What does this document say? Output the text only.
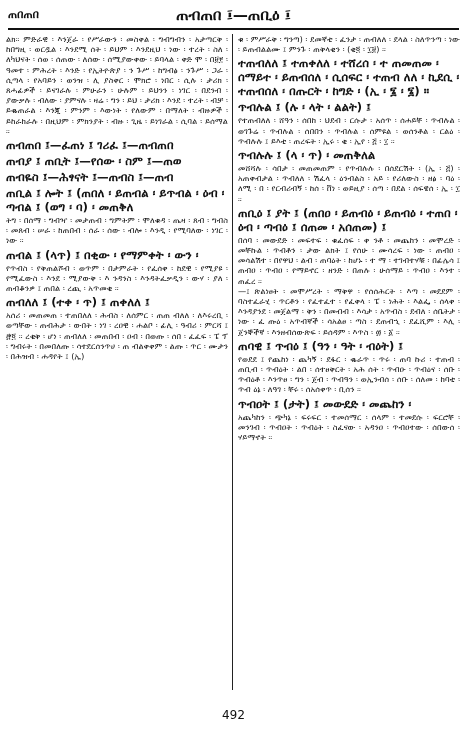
ጠበጠበ	ጠብጠበ ፤—ጠቢዕ ፤

ልክ። ምድራዊ ፡ እንጀራ ፡ የሥራውን ፡ መስቀል ፡ ግብግብን ፡ አታጣርቅ ፡ ከበግዚ ፡ ወርዷል ፡ እንደሚ ሰት ፡ ይህም ፡ እንደዚህ ፡ ነው ፡ ተረት ፡ ስለ ፡ ለካህናት ፡ ሰወ ፡ ሰጠው ፡ ለሰው ፡ ሰሚያውቀው ፡ ይባላል ፡ ቀድ ሞ ፡ በ፱፻ ፡ ዓመተ ፡ ምሕረት ፡ እንድ ፡ የኢትዮጵያ ፡ ን ጉሥ ፡ ከግብፅ ፡ ንጉሥ ፡ ጋራ ፡ ሲጣላ ፡ የአባይን ፡ ወንዝ ፡ ሊ ያስቀር ፡ ሞክሮ ፡ ነበር ፡ ሲሉ ፡ ታሪክ ፡ ጸሓፊዎች ፡ ይናገራሉ ፡ ምሁራን ፡ ሁሉም ፡ ይህንን ፡ ነገር ፡ በደንብ ፡ ያውቃሉ ፡ ብለው ፡ ያምናሉ ፡ ዛሬ ፡ ግን ፡ ይህ ፡ ታሪክ ፡ እንደ ፡ ተረት ፡ ብቻ ፡ ይቈጠራል ፡ እንጂ ፡ ምንም ፡ እውነት ፡ የለውም ፡ በማለት ፡ ብዙዎች ፡ ይከራከራሉ ፡ በዚህም ፡ ምክንያት ፡ ብዙ ፡ ጊዜ ፡ ይነገራል ፡ ሲባል ፡ ይሰማል ።

ጠብጠበ ፤—ፈጠነ ፤ ገሪፈ ፤—ጠብጠበ

ጠብያ ፤ ጠቢት ፤—የሰው ፡ ስም ፤—ጠወ

ጠብዬስ ፤—ሕፃናት ፤—ጠብስ ፤—ጠብ

ጠቢል ፤ ሎት ፤ (ጠበለ ፡ ይጠብል ፡ ይጥብል ፡ ዕብ ፡ ጣብል ፤ (ወግ ፡ ባ) ፡ መጠቅለ

ትግ ፡ በሰማ ፡ ግብዣ ፡ መታጠብ ፡ ግምትም ፡ ሞለቁዳ ፡ ጤዛ ፡ ጸብ ፡ ግብስ ፡ መጸብ ፡ ሠራ ፡ ከጠበብ ፡ ሰራ ፡ ሰው ፡ ብሎ ፡ እንዲ ፡ የሚባለው ፡ ነገር ፡ ነው ።

ጠብል ፤ (ላጥ) ፤ በቂው ፡ የማምቀት ፡ ውን ፡

የጥብስ ፡ የቅጠልሾብ ፡ ወጥም ፡ በታምራት ፡ የፈሰቀ ፡ ከደዊ ፡ የሚያዩ ፡ የሚፈውስ ፡ እንደ ፡ ሚያውቅ ፡ እ ንዳንስ ፡ እንዳትፈቃዲን ፡ ውሃ ፡ ያለ ፡ ጠብቆንዎ ፤ ጠበል ፡ ረጪ ፡ አጥመቂ ።

ጠብለለ ፤ (ተቀ ፡ ጥ) ፤ ጠቀለለ ፤

አሰሪ ፡ መጠመጠ ፡ ተጠበለለ ፡ ሕብስ ፡ ለሰምር ፡ ጠጠ ብለለ ፡ ለእሩረቢ ፡ ወጣቸው ፡ ጠብሕታ ፡ ውበት ፡ ነገ ፡ ረዐዊ ፡ ሐልቦ ፡ ፊሊ ፡ ዓብሪ ፡ ምርሻ ፤ ፸፬ ። ረቂቅ ፡ ሆነ ፡ ጠብለለ ፡ መጠበብ ፡ ዐብ ፡ በወጡ ፡ ሰበ ፡ ፈፈፍ ፡ ፔ ፕ ፡ ግብሩት ፡ በመበለጡ ፡ ሳተደርሰንጥሀ ፡ ጠ ብልቀቀም ፡ ልጡ ፡ ጥር ፡ ሙታን ፡ በሕዝብ ፡ ሐዳየት ፤ (ኢ)

ቁ ፡ ምሥራቅ ፡ ግንጣ) ፡ ደመኛቲ ፡ ፈንታ ፡ ጠብለለ ፡ ደላል ፡ ስለጥንጣ ፡ ነው ፡ ይጠብልልሙ ፤ ምንጉ ፡ ጠቅላቂን ፡ (ቂ፬ ፡ ፲፱) ።

ተጠብለለ ፤ ተጠቀለለ ፡ ተሸረሰ ፡ ተ ጠመጠመ ፡ ሰማይተ ፡ ይጠብሰለ ፡ ሲሰፍር ፡ ተጠብ ለለ ፡ ኪደሲ ፡ ተጠብሰለ ፡ በጡርት ፡ ከግድ ፡ (ኢ ፡ ፮ ፡ ፮) ።

ጥብሉል ፤ (ሉ ፡ ላት ፡ ልልት) ፤

የተጠብለለ ፡ ሸዓን ፡ ሰበከ ፡ ህደብ ፡ ርሱታ ፡ አሰጥ ፡ ሰሐይቸ ፡ ጥብሉል ፡ ወገጉሬ ፡ ጥብሉል ፡ ሰበበን ፡ ጥብሉል ፡ ሰምዩል ፡ ወሰንቶል ፡ ርልዕ ፡ ጥብሉሉ ፤ ይእቲ ፡ ጠረፍት ፡ ኢሩ ፡ ቂ ፡ ኢየ ፡ ፭ ፡ ፲ ።

ጥብሉሉ ፤ (ላ ፡ ጥ) ፡ መጠቅለል

መሸሻሉ ፡ ሳበታ ፡ መጠመጠም ፡ የጥብሉሉ ፡ በሰደርሽት ፡ (ኢ ፡ ፭) ፡ አጠቀብታል ፡ ጥብለለ ፡ ሽፈላ ፡ ዕንብልስ ፡ አይ ፡ የሪለውስ ፡ ዘፅ ፡ ባዕ ፡ ለሚ ፡ በ ፡ የርብሪብኝ ፡ ከሰ ፡ ቨነ ፡ ወይዚያ ፡ ሰጣ ፡ በደል ፡ ሰፍዌሰ ፡ ኢ ፡ ፲ ።

ጠቢዕ ፤ ያት ፤ (ጠበዐ ፡ ይጠብዕ ፡ ይጠብዕ ፡ ተጠበ ፡ ዕብ ፡ ጣብዕ ፤ ሰጠመ ፡ አሰጠመ) ፤

በሰባ ፡ መውደድ ፡ መፍተፍ ፡ ቁፈሰፍ ፡ ቀ ንቶ ፡ መጨከን ፡ መሞረድ ፡ መቸኩል ፡ ጥብቶን ፡ ታው ልክት ፤ የሰሁ ፡ ሙሳረፍ ፡ ነው ፡ ጠብዐ ፡ መሳልሽተ ፡ በየዋህ ፡ ልብ ፡ ጠባዕት ፡ ከሆኑ ፡ ተ ማ ፡ ተገብተሃቹ ፡ በፊሌሳ ፤ ጠብዐ ፡ ጥብዐ ፡ የማይኖር ፡ ዘንድ ፡ በጠሉ ፡ ሁሰማይ ፡ ጥብዐ ፡ እንተ ፡ ጠፈረ ።

—፤ ጽልነፀት ፡ መሞሥረት ፡ ማቅዋ ፡ የሰሰሕርት ፡ እጣ ፡ መደደም ፡ ባስተፈራሂ ፡ ጥርቶን ፡ የፈተፈተ ፡ የፈቀላ ፡ ፔ ፡ ነሕት ፡ እልፌ ፡ ሰላቀ ፡ እንዳያንደ ፡ መጀልማ ፡ ቅን ፡ በመብብ ፡ እሳታ ፡ አጥብስ ፡ ደብለ ፡ ሰቤትታ ፡ ነው ፡ ፈ ጡዕ ፡ አጥብኛች ፡ ሳአልፀ ፡ ጣስ ፡ ደጠብኂ ፡ ደፈሺም ፡ እሊ ፡ ጀንኞችኛ ፡ እንዘብሰውጽፍ ፡ ይሰዳም ፡ እጥስ ፡ ፴ ፡ ፩ ።

ጠባዊ ፤ ጥብዕ ፤ (ዓን ፡ ዓት ፡ ብዕት) ፤

የወደደ ፤ የጨከነ ፡ ጨካኝ ፡ ደፋር ፡ ቈራጥ ፡ ጥሩ ፡ ጠባ ኩሪ ፡ ተጠብ ፡ ጠቢብ ፡ ጥብዕት ፡ ልበ ፡ ሰተፀቅርት ፡ አሕ ሰት ፡ ጥብዑ ፡ ጥብዕና ፡ ሰቡ ፡ ጥብዕቶ ፡ እንጥፀ ፡ ግን ፡ ጀብ ፡ ጥብዓን ፡ ወኢንብሰ ፡ ሰቡ ፡ ሰለመ ፡ ከባቲ ፡ ጥብ ዕኔ ፡ ለዓገ ፡ ቸሩ ፡ ሰአሰቀጥ ፡ ቢሰን ።

ጥብዐት ፤ (ታት) ፤ መውደድ ፡ መጨከን ፡

አጨካከን ፡ ጭካኔ ፡ ፍሩፍር ፡ ተመሰማር ፡ ሰላም ፡ ተመደሱ ፡ ፍርሮቸ ፡ መንገብ ፡ ጥብዐት ፡ ጥብዕት ፡ ስፈናው ፡ አዳንዐ ፡ ጥብዐተው ፡ ሰበውሰ ፡ ሃይማኖት ።

492
